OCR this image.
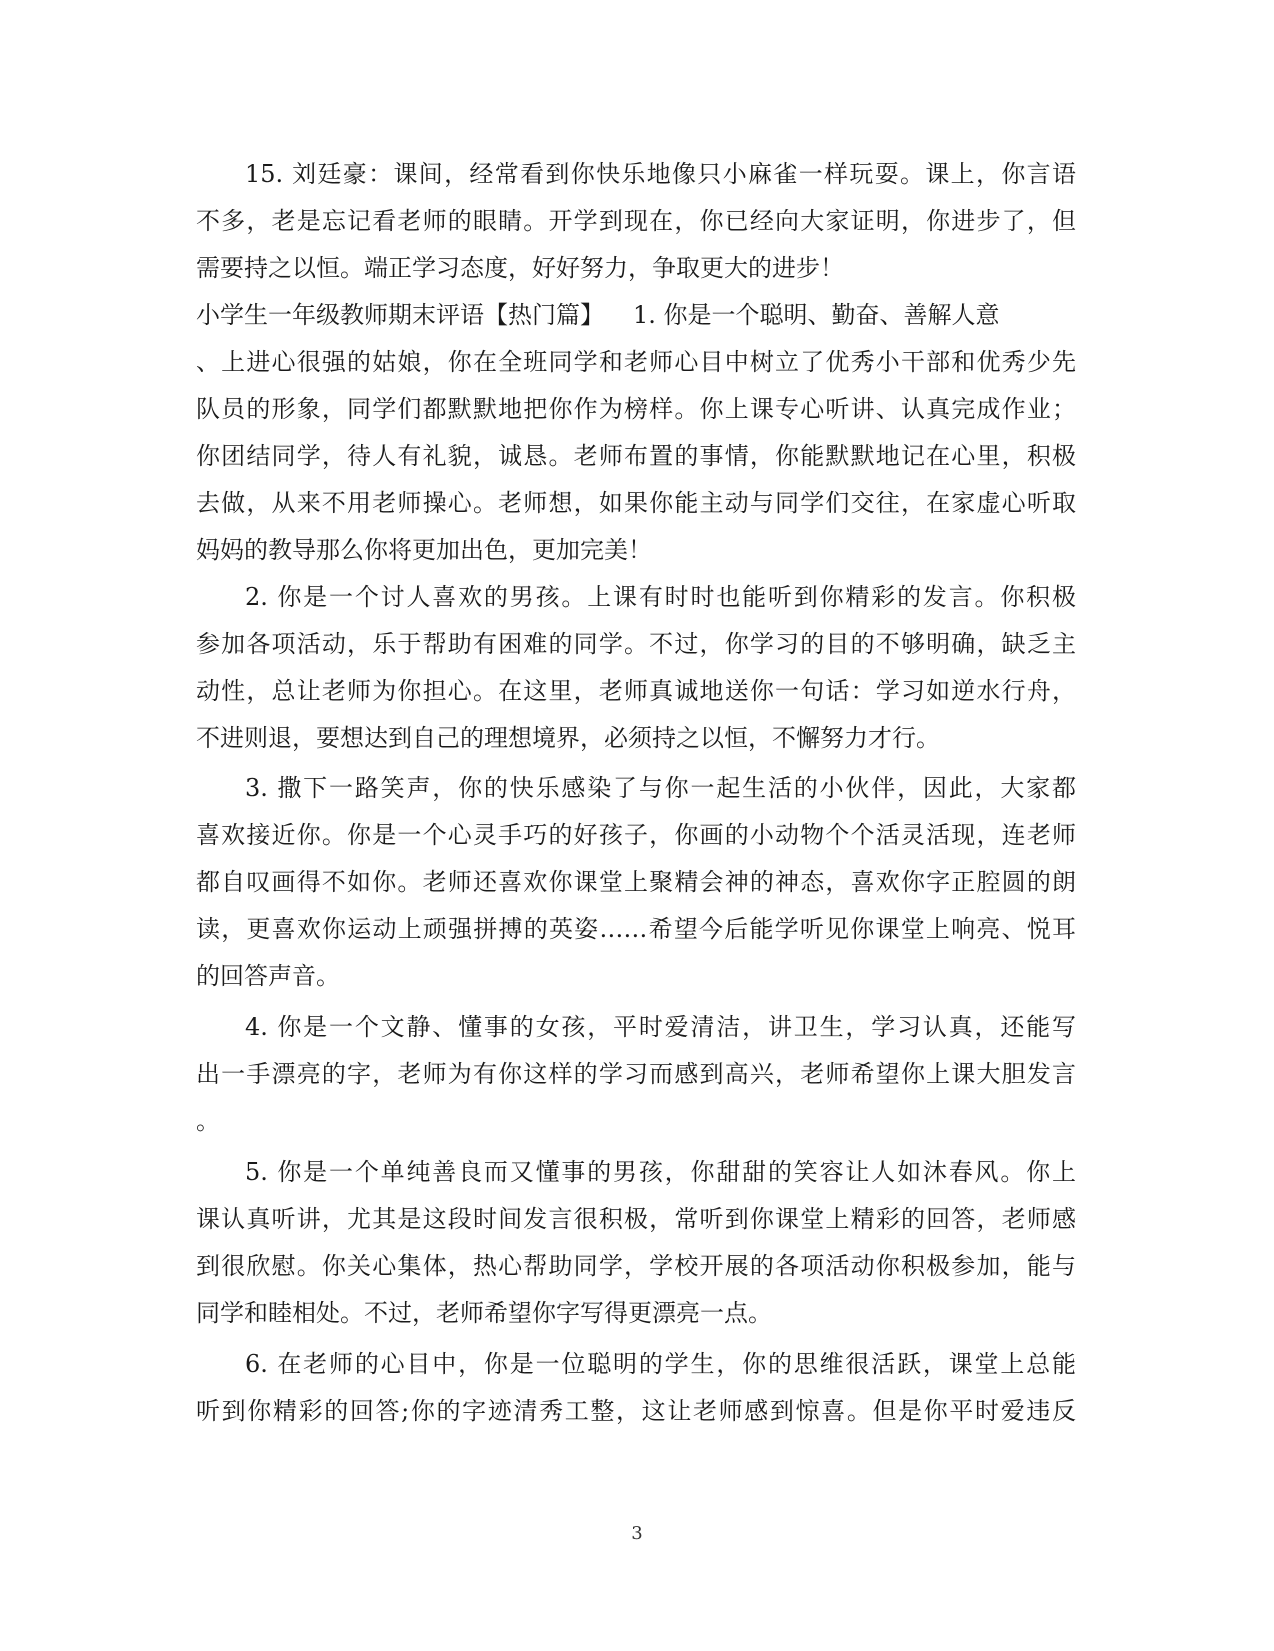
15. 刘廷豪：课间，经常看到你快乐地像只小麻雀一样玩耍。课上，你言语
不多，老是忘记看老师的眼睛。开学到现在，你已经向大家证明，你进步了，但
需要持之以恒。端正学习态度，好好努力，争取更大的进步！
小学生一年级教师期末评语【热门篇】 1. 你是一个聪明、勤奋、善解人意
、上进心很强的姑娘，你在全班同学和老师心目中树立了优秀小干部和优秀少先
队员的形象，同学们都默默地把你作为榜样。你上课专心听讲、认真完成作业；
你团结同学，待人有礼貌，诚恳。老师布置的事情，你能默默地记在心里，积极
去做，从来不用老师操心。老师想，如果你能主动与同学们交往，在家虚心听取
妈妈的教导那么你将更加出色，更加完美！
2. 你是一个讨人喜欢的男孩。上课有时时也能听到你精彩的发言。你积极
参加各项活动，乐于帮助有困难的同学。不过，你学习的目的不够明确，缺乏主
动性，总让老师为你担心。在这里，老师真诚地送你一句话：学习如逆水行舟，
不进则退，要想达到自己的理想境界，必须持之以恒，不懈努力才行。
3. 撒下一路笑声，你的快乐感染了与你一起生活的小伙伴，因此，大家都
喜欢接近你。你是一个心灵手巧的好孩子，你画的小动物个个活灵活现，连老师
都自叹画得不如你。老师还喜欢你课堂上聚精会神的神态，喜欢你字正腔圆的朗
读，更喜欢你运动上顽强拼搏的英姿……希望今后能学听见你课堂上响亮、悦耳
的回答声音。
4. 你是一个文静、懂事的女孩，平时爱清洁，讲卫生，学习认真，还能写
出一手漂亮的字，老师为有你这样的学习而感到高兴，老师希望你上课大胆发言
。
5. 你是一个单纯善良而又懂事的男孩，你甜甜的笑容让人如沐春风。你上
课认真听讲，尤其是这段时间发言很积极，常听到你课堂上精彩的回答，老师感
到很欣慰。你关心集体，热心帮助同学，学校开展的各项活动你积极参加，能与
同学和睦相处。不过，老师希望你字写得更漂亮一点。
6. 在老师的心目中，你是一位聪明的学生，你的思维很活跃，课堂上总能
听到你精彩的回答;你的字迹清秀工整，这让老师感到惊喜。但是你平时爱违反
3
